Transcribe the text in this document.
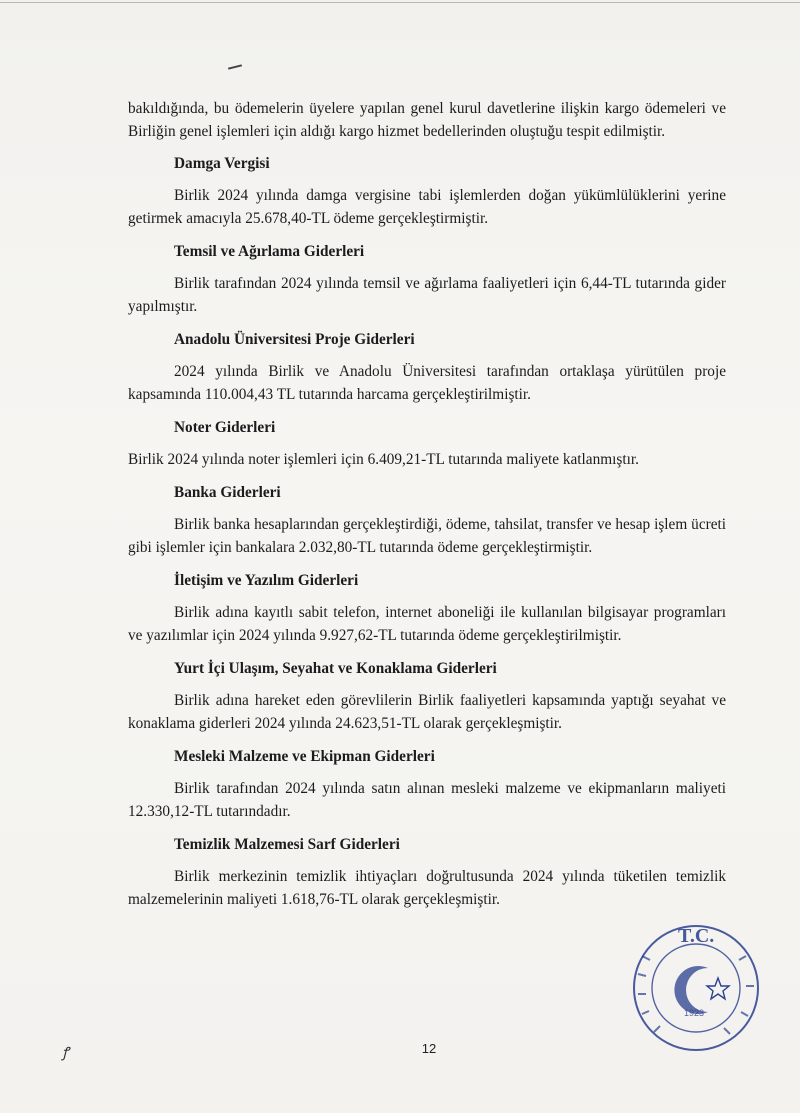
bakıldığında, bu ödemelerin üyelere yapılan genel kurul davetlerine ilişkin kargo ödemeleri ve Birliğin genel işlemleri için aldığı kargo hizmet bedellerinden oluştuğu tespit edilmiştir.

Damga Vergisi

Birlik 2024 yılında damga vergisine tabi işlemlerden doğan yükümlülüklerini yerine getirmek amacıyla 25.678,40-TL ödeme gerçekleştirmiştir.

Temsil ve Ağırlama Giderleri

Birlik tarafından 2024 yılında temsil ve ağırlama faaliyetleri için 6,44-TL tutarında gider yapılmıştır.

Anadolu Üniversitesi Proje Giderleri

2024 yılında Birlik ve Anadolu Üniversitesi tarafından ortaklaşa yürütülen proje kapsamında 110.004,43 TL tutarında harcama gerçekleştirilmiştir.

Noter Giderleri

Birlik 2024 yılında noter işlemleri için 6.409,21-TL tutarında maliyete katlanmıştır.

Banka Giderleri

Birlik banka hesaplarından gerçekleştirdiği, ödeme, tahsilat, transfer ve hesap işlem ücreti gibi işlemler için bankalara 2.032,80-TL tutarında ödeme gerçekleştirmiştir.

İletişim ve Yazılım Giderleri

Birlik adına kayıtlı sabit telefon, internet aboneliği ile kullanılan bilgisayar programları ve yazılımlar için 2024 yılında 9.927,62-TL tutarında ödeme gerçekleştirilmiştir.

Yurt İçi Ulaşım, Seyahat ve Konaklama Giderleri

Birlik adına hareket eden görevlilerin Birlik faaliyetleri kapsamında yaptığı seyahat ve konaklama giderleri 2024 yılında 24.623,51-TL olarak gerçekleşmiştir.

Mesleki Malzeme ve Ekipman Giderleri

Birlik tarafından 2024 yılında satın alınan mesleki malzeme ve ekipmanların maliyeti 12.330,12-TL tutarındadır.

Temizlik Malzemesi Sarf Giderleri

Birlik merkezinin temizlik ihtiyaçları doğrultusunda 2024 yılında tüketilen temizlik malzemelerinin maliyeti 1.618,76-TL olarak gerçekleşmiştir.

ꝭ	12
T.C.
1923
